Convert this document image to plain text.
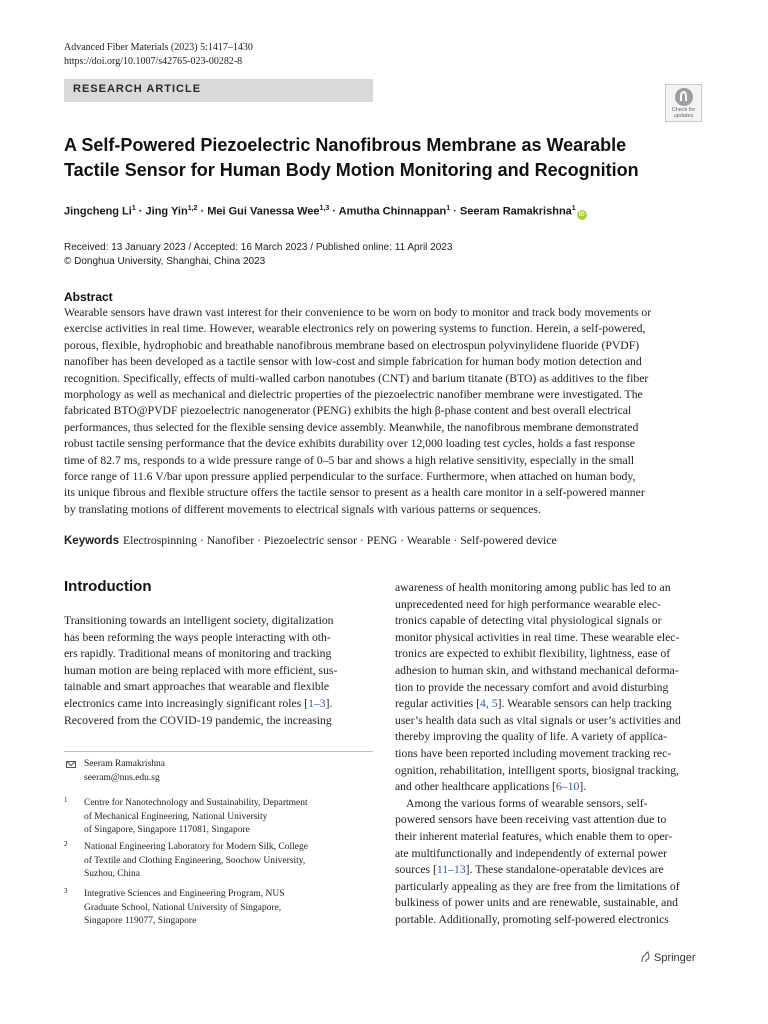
Advanced Fiber Materials (2023) 5:1417–1430
https://doi.org/10.1007/s42765-023-00282-8
RESEARCH ARTICLE
Check for
updates
A Self-Powered Piezoelectric Nanofibrous Membrane as Wearable
Tactile Sensor for Human Body Motion Monitoring and Recognition
Jingcheng $Li^1$ · Jing Yin$^{1,2}$ · Mei Gui Vanessa Wee$^{1,3}$ · Amutha Chinnappan$^1$ · Seeram Ramakrishna$^1$iD
Received: 13 January 2023 / Accepted: 16 March 2023 / Published online: 11 April 2023
© Donghua University, Shanghai, China 2023
Abstract
Wearable sensors have drawn vast interest for their convenience to be worn on body to monitor and track body movements or
exercise activities in real time. However, wearable electronics rely on powering systems to function. Herein, a self-powered,
porous, flexible, hydrophobic and breathable nanofibrous membrane based on electrospun polyvinylidene fluoride (PVDF)
nanofiber has been developed as a tactile sensor with low-cost and simple fabrication for human body motion detection and
recognition. Specifically, effects of multi-walled carbon nanotubes (CNT) and barium titanate (BTO) as additives to the fiber
morphology as well as mechanical and dielectric properties of the piezoelectric nanofiber membrane were investigated. The
fabricated BTO@PVDF piezoelectric nanogenerator (PENG) exhibits the high β-phase content and best overall electrical
performances, thus selected for the flexible sensing device assembly. Meanwhile, the nanofibrous membrane demonstrated
robust tactile sensing performance that the device exhibits durability over 12,000 loading test cycles, holds a fast response
time of 82.7 ms, responds to a wide pressure range of 0–5 bar and shows a high relative sensitivity, especially in the small
force range of 11.6 V/bar upon pressure applied perpendicular to the surface. Furthermore, when attached on human body,
its unique fibrous and flexible structure offers the tactile sensor to present as a health care monitor in a self-powered manner
by translating motions of different movements to electrical signals with various patterns or sequences.
Keywords Electrospinning · Nanofiber · Piezoelectric sensor · PENG · Wearable · Self-powered device
Introduction
Transitioning towards an intelligent society, digitalization
has been reforming the ways people interacting with oth-
ers rapidly. Traditional means of monitoring and tracking
human motion are being replaced with more efficient, sus-
tainable and smart approaches that wearable and flexible
electronics came into increasingly significant roles [1–3].
Recovered from the COVID-19 pandemic, the increasing
awareness of health monitoring among public has led to an
unprecedented need for high performance wearable elec-
tronics capable of detecting vital physiological signals or
monitor physical activities in real time. These wearable elec-
tronics are expected to exhibit flexibility, lightness, ease of
adhesion to human skin, and withstand mechanical deforma-
tion to provide the necessary comfort and avoid disturbing
regular activities [4, 5]. Wearable sensors can help tracking
user’s health data such as vital signals or user’s activities and
thereby improving the quality of life. A variety of applica-
tions have been reported including movement tracking rec-
ognition, rehabilitation, intelligent sports, biosignal tracking,
and other healthcare applications [6–10].
Among the various forms of wearable sensors, self-
powered sensors have been receiving vast attention due to
their inherent material features, which enable them to oper-
ate multifunctionally and independently of external power
sources [11–13]. These standalone-operatable devices are
particularly appealing as they are free from the limitations of
bulkiness of power units and are renewable, sustainable, and
portable. Additionally, promoting self-powered electronics
Seeram Ramakrishna
seeram@nus.edu.sg
1 Centre for Nanotechnology and Sustainability, Department
of Mechanical Engineering, National University
of Singapore, Singapore 117081, Singapore
2 National Engineering Laboratory for Modern Silk, College
of Textile and Clothing Engineering, Soochow University,
Suzhou, China
3 Integrative Sciences and Engineering Program, NUS
Graduate School, National University of Singapore,
Singapore 119077, Singapore
Springer
